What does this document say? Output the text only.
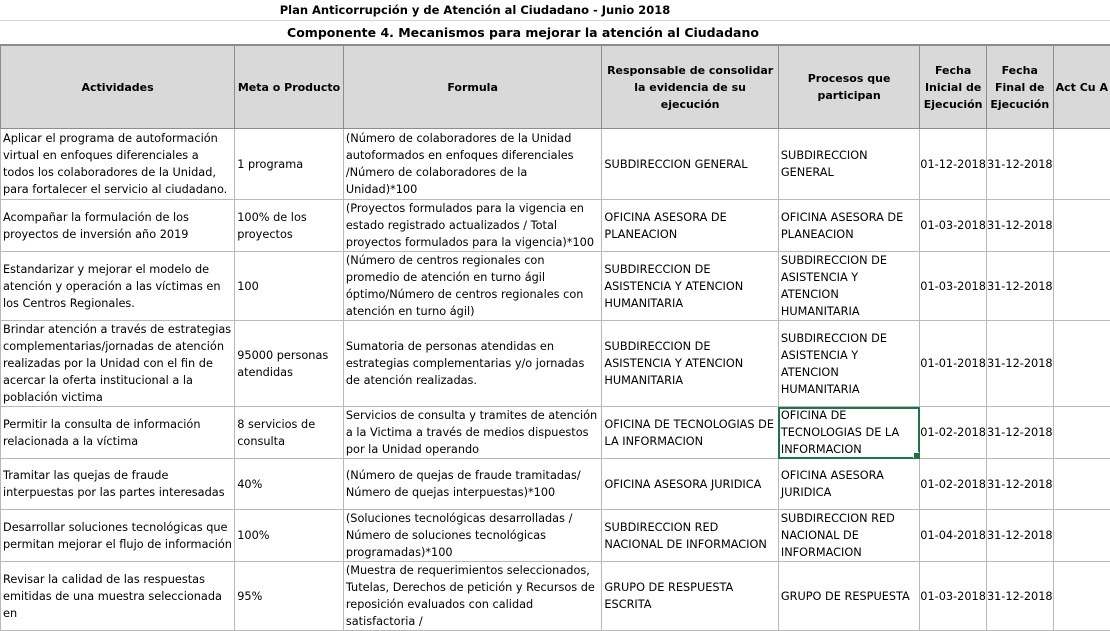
Plan Anticorrupción y de Atención al Ciudadano - Junio 2018
Componente 4. Mecanismos para mejorar la atención al Ciudadano
Actividades	Meta o Producto	Formula	Responsable de consolidar la evidencia de su ejecución	Procesos que participan	Fecha Inicial de Ejecución	Fecha Final de Ejecución	Act Cu A

Aplicar el programa de autoformación virtual en enfoques diferenciales a todos los colaboradores de la Unidad, para fortalecer el servicio al ciudadano.	1 programa	(Número de colaboradores de la Unidad autoformados en enfoques diferenciales /Número de colaboradores de la Unidad)*100	SUBDIRECCION GENERAL	SUBDIRECCION GENERAL	01-12-2018	31-12-2018	

Acompañar la formulación de los proyectos de inversión año 2019	100% de los proyectos	(Proyectos formulados para la vigencia en estado registrado actualizados / Total proyectos formulados para la vigencia)*100	OFICINA ASESORA DE PLANEACION	OFICINA ASESORA DE PLANEACION	01-03-2018	31-12-2018	

Estandarizar y mejorar el modelo de atención y operación a las víctimas en los Centros Regionales.	100	(Número de centros regionales con promedio de atención en turno ágil óptimo/Número de centros regionales con atención en turno ágil)	SUBDIRECCION DE ASISTENCIA Y ATENCION HUMANITARIA	SUBDIRECCION DE ASISTENCIA Y ATENCION HUMANITARIA	01-03-2018	31-12-2018	

Brindar atención a través de estrategias complementarias/jornadas de atención realizadas por la Unidad con el fin de acercar la oferta institucional a la población victima	95000 personas atendidas	Sumatoria de personas atendidas en estrategias complementarias y/o jornadas de atención realizadas.	SUBDIRECCION DE ASISTENCIA Y ATENCION HUMANITARIA	SUBDIRECCION DE ASISTENCIA Y ATENCION HUMANITARIA	01-01-2018	31-12-2018	

Permitir la consulta de información relacionada a la víctima	8 servicios de consulta	Servicios de consulta y tramites de atención a la Victima a través de medios dispuestos por la Unidad operando	OFICINA DE TECNOLOGIAS DE LA INFORMACION	OFICINA DE TECNOLOGIAS DE LA INFORMACION	01-02-2018	31-12-2018	

Tramitar las quejas de fraude interpuestas por las partes interesadas	40%	(Número de quejas de fraude tramitadas/ Número de quejas interpuestas)*100	OFICINA ASESORA JURIDICA	OFICINA ASESORA JURIDICA	01-02-2018	31-12-2018	

Desarrollar soluciones tecnológicas que permitan mejorar el flujo de información	100%	(Soluciones tecnológicas desarrolladas / Número de soluciones tecnológicas programadas)*100	SUBDIRECCION RED NACIONAL DE INFORMACION	SUBDIRECCION RED NACIONAL DE INFORMACION	01-04-2018	31-12-2018	

Revisar la calidad de las respuestas emitidas de una muestra seleccionada en	95%	(Muestra de requerimientos seleccionados, Tutelas, Derechos de petición y Recursos de reposición evaluados con calidad satisfactoria /	GRUPO DE RESPUESTA ESCRITA	GRUPO DE RESPUESTA	01-03-2018	31-12-2018	
